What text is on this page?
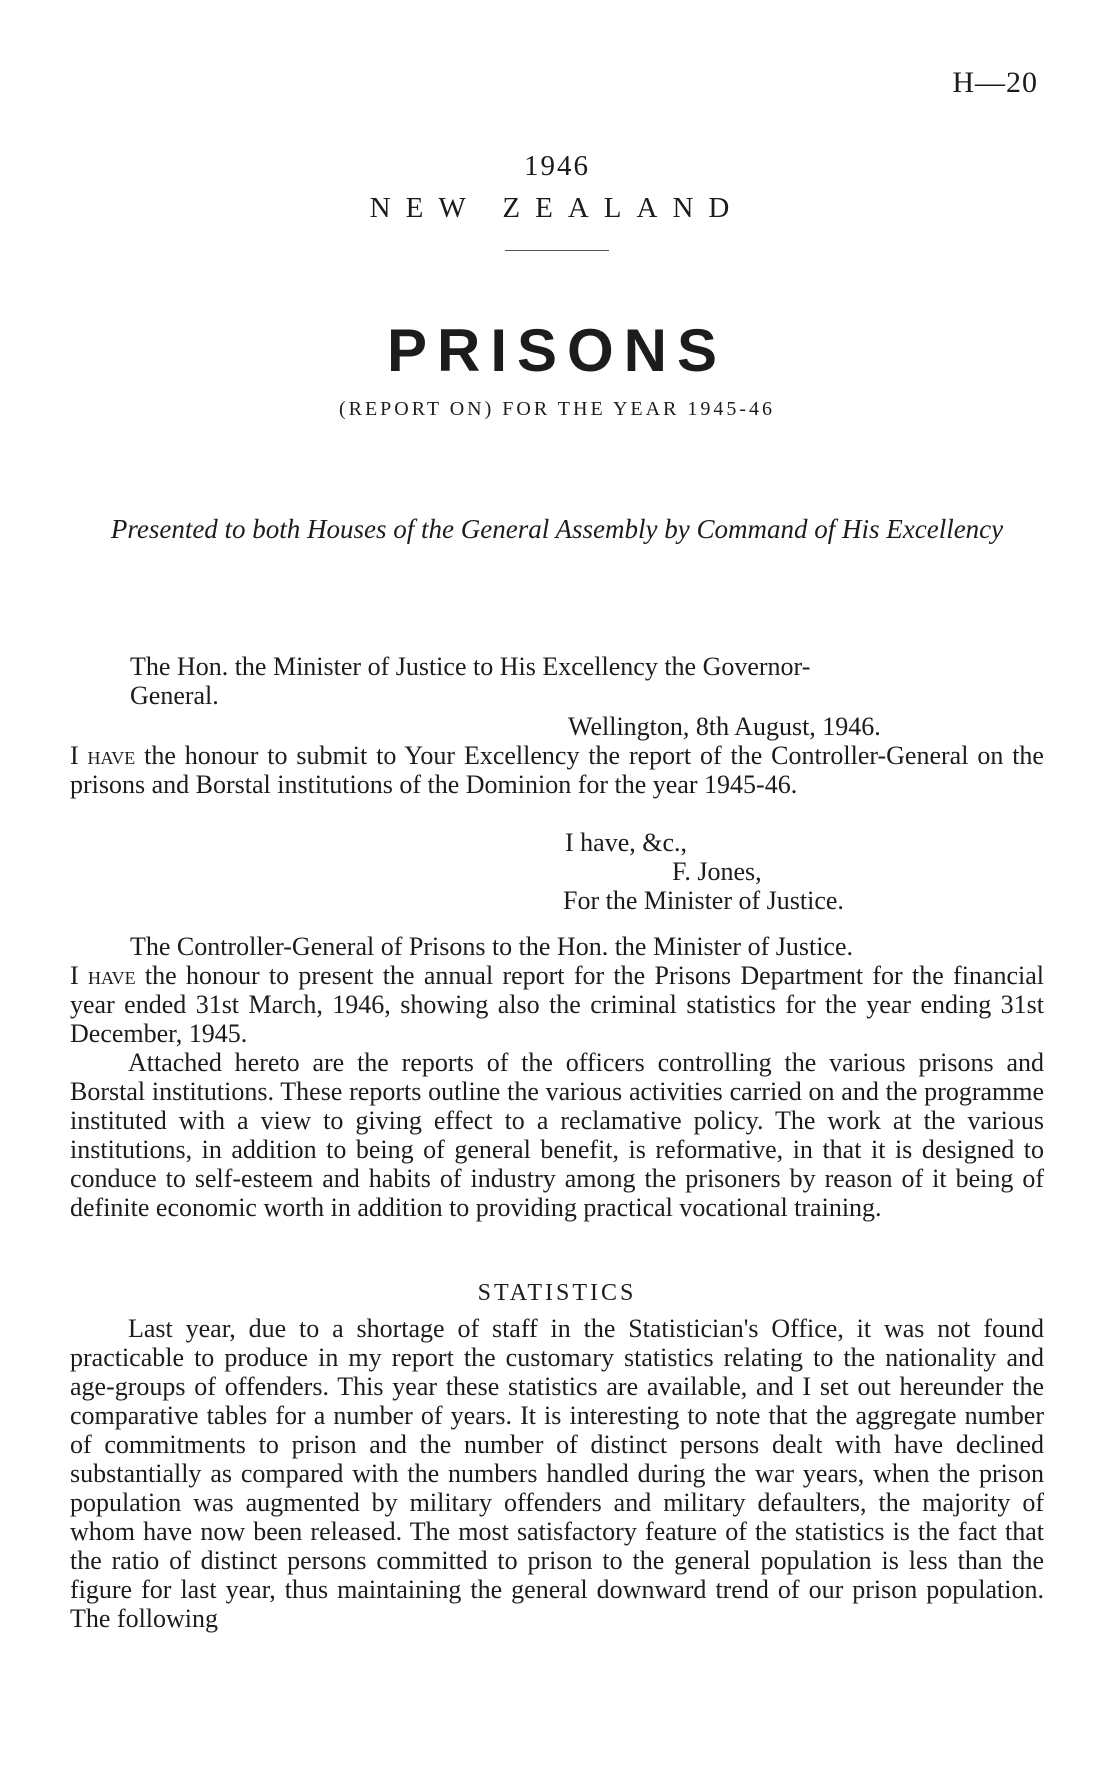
H—20
1946
NEW ZEALAND
PRISONS
(REPORT ON) FOR THE YEAR 1945-46
Presented to both Houses of the General Assembly by Command of His Excellency
The Hon. the Minister of Justice to His Excellency the Governor-
General.
Wellington, 8th August, 1946.

I have the honour to submit to Your Excellency the report of the Controller-General on the prisons and Borstal institutions of the Dominion for the year 1945-46.

I have, &c.,
F. Jones,
For the Minister of Justice.
The Controller-General of Prisons to the Hon. the Minister of Justice.

I have the honour to present the annual report for the Prisons Department for the financial year ended 31st March, 1946, showing also the criminal statistics for the year ending 31st December, 1945.

Attached hereto are the reports of the officers controlling the various prisons and Borstal institutions. These reports outline the various activities carried on and the programme instituted with a view to giving effect to a reclamative policy. The work at the various institutions, in addition to being of general benefit, is reformative, in that it is designed to conduce to self-esteem and habits of industry among the prisoners by reason of it being of definite economic worth in addition to providing practical vocational training.
STATISTICS
Last year, due to a shortage of staff in the Statistician's Office, it was not found practicable to produce in my report the customary statistics relating to the nationality and age-groups of offenders. This year these statistics are available, and I set out hereunder the comparative tables for a number of years. It is interesting to note that the aggregate number of commitments to prison and the number of distinct persons dealt with have declined substantially as compared with the numbers handled during the war years, when the prison population was augmented by military offenders and military defaulters, the majority of whom have now been released. The most satisfactory feature of the statistics is the fact that the ratio of distinct persons committed to prison to the general population is less than the figure for last year, thus maintaining the general downward trend of our prison population. The following
